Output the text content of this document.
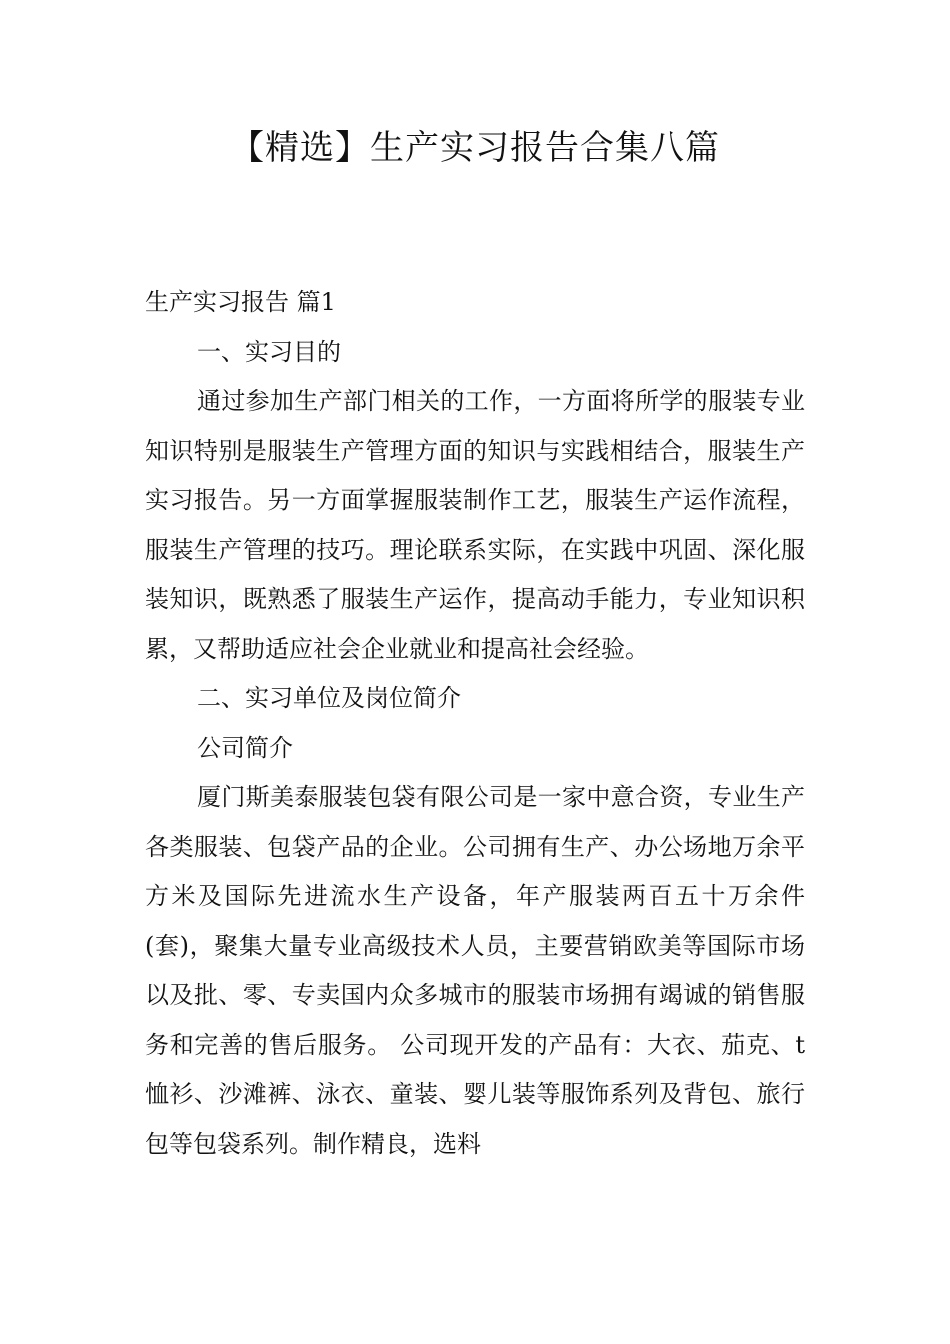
【精选】生产实习报告合集八篇

生产实习报告 篇1

一、实习目的

通过参加生产部门相关的工作，一方面将所学的服装专业知识特别是服装生产管理方面的知识与实践相结合，服装生产实习报告。另一方面掌握服装制作工艺，服装生产运作流程，服装生产管理的技巧。理论联系实际，在实践中巩固、深化服装知识，既熟悉了服装生产运作，提高动手能力，专业知识积累，又帮助适应社会企业就业和提高社会经验。

二、实习单位及岗位简介

公司简介

厦门斯美泰服装包袋有限公司是一家中意合资，专业生产各类服装、包袋产品的企业。公司拥有生产、办公场地万余平方米及国际先进流水生产设备，年产服装两百五十万余件(套)，聚集大量专业高级技术人员，主要营销欧美等国际市场以及批、零、专卖国内众多城市的服装市场拥有竭诚的销售服务和完善的售后服务。 公司现开发的产品有：大衣、茄克、t恤衫、沙滩裤、泳衣、童装、婴儿装等服饰系列及背包、旅行包等包袋系列。制作精良，选料
